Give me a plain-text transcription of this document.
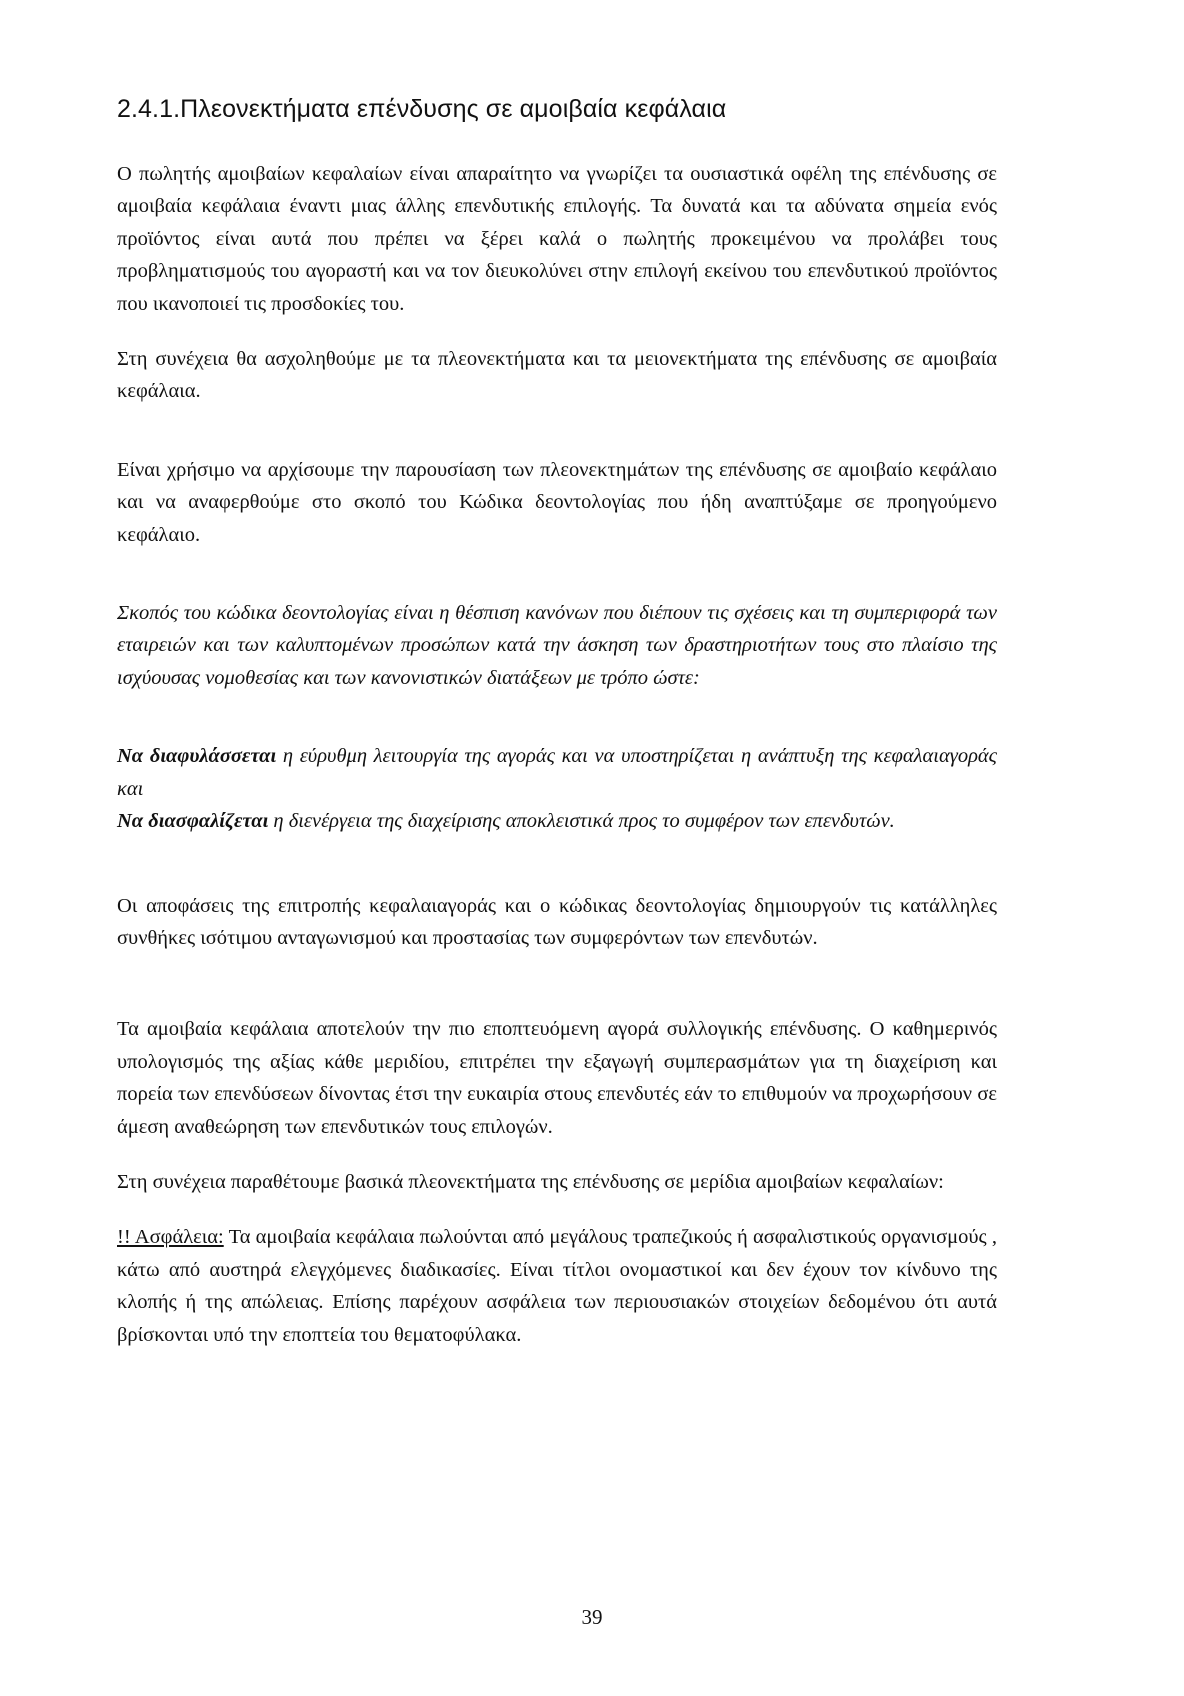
2.4.1.Πλεονεκτήματα επένδυσης σε αμοιβαία κεφάλαια

Ο πωλητής αμοιβαίων κεφαλαίων είναι απαραίτητο να γνωρίζει τα ουσιαστικά οφέλη της επένδυσης σε αμοιβαία κεφάλαια έναντι μιας άλλης επενδυτικής επιλογής. Τα δυνατά και τα αδύνατα σημεία ενός προϊόντος είναι αυτά που πρέπει να ξέρει καλά ο πωλητής προκειμένου να προλάβει τους προβληματισμούς του αγοραστή και να τον διευκολύνει στην επιλογή εκείνου του επενδυτικού προϊόντος που ικανοποιεί τις προσδοκίες του.

Στη συνέχεια θα ασχοληθούμε με τα πλεονεκτήματα και τα μειονεκτήματα της επένδυσης σε αμοιβαία κεφάλαια.

Είναι χρήσιμο να αρχίσουμε την παρουσίαση των πλεονεκτημάτων της επένδυσης σε αμοιβαίο κεφάλαιο και να αναφερθούμε στο σκοπό του Κώδικα δεοντολογίας που ήδη αναπτύξαμε σε προηγούμενο κεφάλαιο.

Σκοπός του κώδικα δεοντολογίας είναι η θέσπιση κανόνων που διέπουν τις σχέσεις και τη συμπεριφορά των εταιρειών και των καλυπτομένων προσώπων κατά την άσκηση των δραστηριοτήτων τους στο πλαίσιο της ισχύουσας νομοθεσίας και των κανονιστικών διατάξεων με τρόπο ώστε:

Να διαφυλάσσεται η εύρυθμη λειτουργία της αγοράς και να υποστηρίζεται η ανάπτυξη της κεφαλαιαγοράς και
Να διασφαλίζεται η διενέργεια της διαχείρισης αποκλειστικά προς το συμφέρον των επενδυτών.

Οι αποφάσεις της επιτροπής κεφαλαιαγοράς και ο κώδικας δεοντολογίας δημιουργούν τις κατάλληλες συνθήκες ισότιμου ανταγωνισμού και προστασίας των συμφερόντων των επενδυτών.

Τα αμοιβαία κεφάλαια αποτελούν την πιο εποπτευόμενη αγορά συλλογικής επένδυσης. Ο καθημερινός υπολογισμός της αξίας κάθε μεριδίου, επιτρέπει την εξαγωγή συμπερασμάτων για τη διαχείριση και πορεία των επενδύσεων δίνοντας έτσι την ευκαιρία στους επενδυτές εάν το επιθυμούν να προχωρήσουν σε άμεση αναθεώρηση των επενδυτικών τους επιλογών.

Στη συνέχεια παραθέτουμε βασικά πλεονεκτήματα της επένδυσης σε μερίδια αμοιβαίων κεφαλαίων:

!! Ασφάλεια: Τα αμοιβαία κεφάλαια πωλούνται από μεγάλους τραπεζικούς ή ασφαλιστικούς οργανισμούς , κάτω από αυστηρά ελεγχόμενες διαδικασίες. Είναι τίτλοι ονομαστικοί και δεν έχουν τον κίνδυνο της κλοπής ή της απώλειας. Επίσης παρέχουν ασφάλεια των περιουσιακών στοιχείων δεδομένου ότι αυτά βρίσκονται υπό την εποπτεία του θεματοφύλακα.

39
